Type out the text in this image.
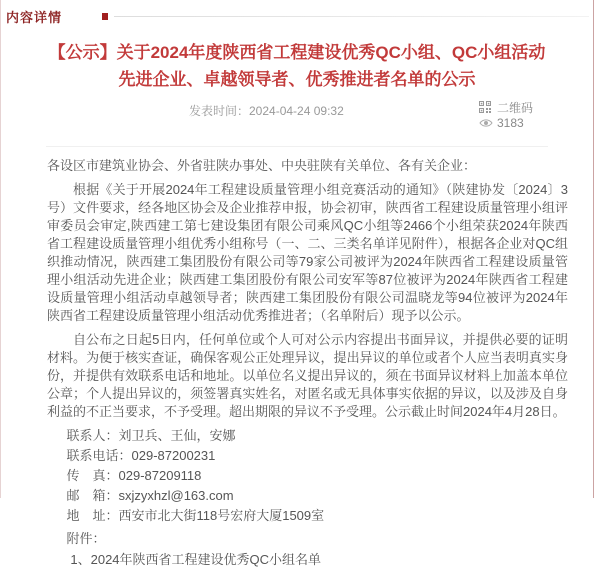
内容详情
【公示】关于2024年度陕西省工程建设优秀QC小组、QC小组活动
先进企业、卓越领导者、优秀推进者名单的公示
发表时间：2024-04-24 09:32	二维码
3183

各设区市建筑业协会、外省驻陕办事处、中央驻陕有关单位、各有关企业：

根据《关于开展2024年工程建设质量管理小组竞赛活动的通知》（陕建协发〔2024〕3号）文件要求，经各地区协会及企业推荐申报，协会初审，陕西省工程建设质量管理小组评审委员会审定,陕西建工第七建设集团有限公司乘风QC小组等2466个小组荣获2024年陕西省工程建设质量管理小组优秀小组称号（一、二、三类名单详见附件），根据各企业对QC组织推动情况，陕西建工集团股份有限公司等79家公司被评为2024年陕西省工程建设质量管理小组活动先进企业；陕西建工集团股份有限公司安军等87位被评为2024年陕西省工程建设质量管理小组活动卓越领导者；陕西建工集团股份有限公司温晓龙等94位被评为2024年陕西省工程建设质量管理小组活动优秀推进者；（名单附后）现予以公示。

自公布之日起5日内，任何单位或个人可对公示内容提出书面异议，并提供必要的证明材料。为便于核实查证，确保客观公正处理异议，提出异议的单位或者个人应当表明真实身份，并提供有效联系电话和地址。以单位名义提出异议的，须在书面异议材料上加盖本单位公章；个人提出异议的，须签署真实姓名，对匿名或无具体事实依据的异议，以及涉及自身利益的不正当要求，不予受理。超出期限的异议不予受理。公示截止时间2024年4月28日。

联系人：刘卫兵、王仙，安娜

联系电话：029-87200231

传　真：029-87209118

邮　箱：sxjzyxhzl@163.com

地　址：西安市北大街118号宏府大厦1509室

附件：

1、2024年陕西省工程建设优秀QC小组名单
